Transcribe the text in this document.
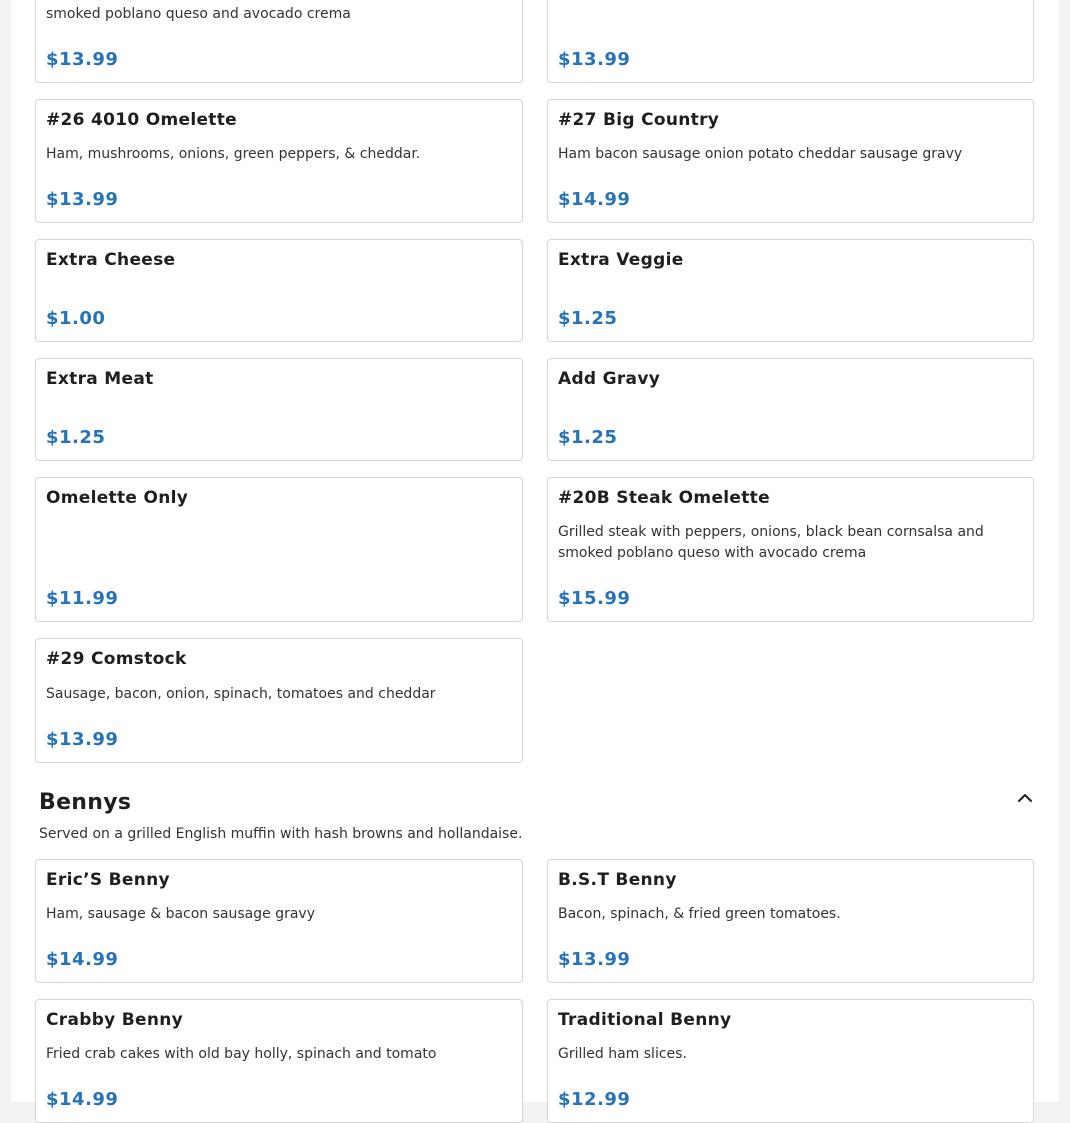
smoked poblano queso and avocado crema
$13.99	$13.99
#26 4010 Omelette
Ham, mushrooms, onions, green peppers, & cheddar.
$13.99
#27 Big Country
Ham bacon sausage onion potato cheddar sausage gravy
$14.99
Extra Cheese
$1.00
Extra Veggie
$1.25
Extra Meat
$1.25
Add Gravy
$1.25
Omelette Only
$11.99
#20B Steak Omelette
Grilled steak with peppers, onions, black bean cornsalsa and smoked poblano queso with avocado crema
$15.99
#29 Comstock
Sausage, bacon, onion, spinach, tomatoes and cheddar
$13.99
Bennys
Served on a grilled English muffin with hash browns and hollandaise.
Eric’S Benny
Ham, sausage & bacon sausage gravy
$14.99
B.S.T Benny
Bacon, spinach, & fried green tomatoes.
$13.99
Crabby Benny
Fried crab cakes with old bay holly, spinach and tomato
$14.99
Traditional Benny
Grilled ham slices.
$12.99
